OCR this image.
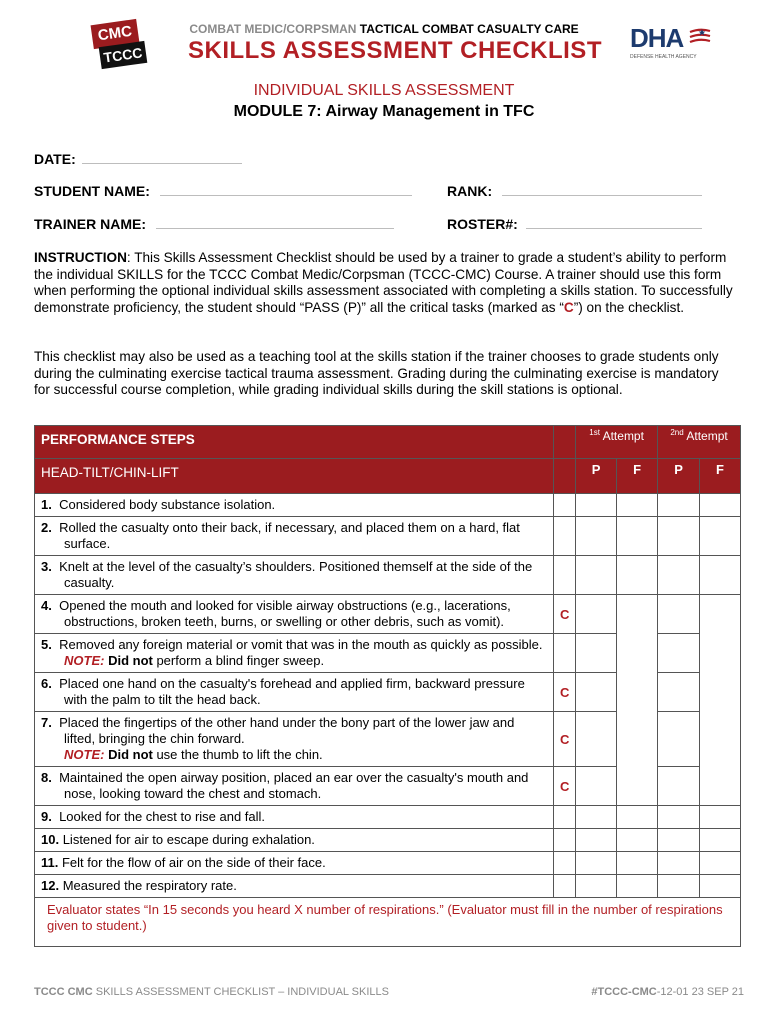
CMC
TCCC
COMBAT MEDIC/CORPSMAN TACTICAL COMBAT CASUALTY CARE
SKILLS ASSESSMENT CHECKLIST	DHA
DEFENSE HEALTH AGENCY
INDIVIDUAL SKILLS ASSESSMENT
MODULE 7: Airway Management in TFC
DATE:
STUDENT NAME:	RANK:
TRAINER NAME:	ROSTER#:
INSTRUCTION: This Skills Assessment Checklist should be used by a trainer to grade a student’s ability to perform the individual SKILLS for the TCCC Combat Medic/Corpsman (TCCC-CMC) Course. A trainer should use this form when performing the optional individual skills assessment associated with completing a skills station. To successfully demonstrate proficiency, the student should “PASS (P)” all the critical tasks (marked as “C”) on the checklist.
This checklist may also be used as a teaching tool at the skills station if the trainer chooses to grade students only during the culminating exercise tactical trauma assessment. Grading during the culminating exercise is mandatory for successful course completion, while grading individual skills during the skill stations is optional.
PERFORMANCE STEPS		$^{1st}$ Attempt		$^{2nd}$ Attempt	
HEAD-TILT/CHIN-LIFT		P	F	P	F

1. Considered body substance isolation.					

2. Rolled the casualty onto their back, if necessary, and placed them on a hard, flat surface.					

3. Knelt at the level of the casualty’s shoulders. Positioned themself at the side of the casualty.					

4. Opened the mouth and looked for visible airway obstructions (e.g., lacerations, obstructions, broken teeth, burns, or swelling or other debris, such as vomit).	C				

5. Removed any foreign material or vomit that was in the mouth as quickly as possible.
NOTE: Did not perform a blind finger sweep.					

6. Placed one hand on the casualty's forehead and applied firm, backward pressure with the palm to tilt the head back.	C				

7. Placed the fingertips of the other hand under the bony part of the lower jaw and lifted, bringing the chin forward.
NOTE: Did not use the thumb to lift the chin.	C				

8. Maintained the open airway position, placed an ear over the casualty's mouth and nose, looking toward the chest and stomach.	C				

9. Looked for the chest to rise and fall.					

10. Listened for air to escape during exhalation.					

11. Felt for the flow of air on the side of their face.					

12. Measured the respiratory rate.					

Evaluator states “In 15 seconds you heard X number of respirations.” (Evaluator must fill in the number of respirations given to student.)					
TCCC CMC SKILLS ASSESSMENT CHECKLIST – INDIVIDUAL SKILLS	#TCCC-CMC-12-01 23 SEP 21
